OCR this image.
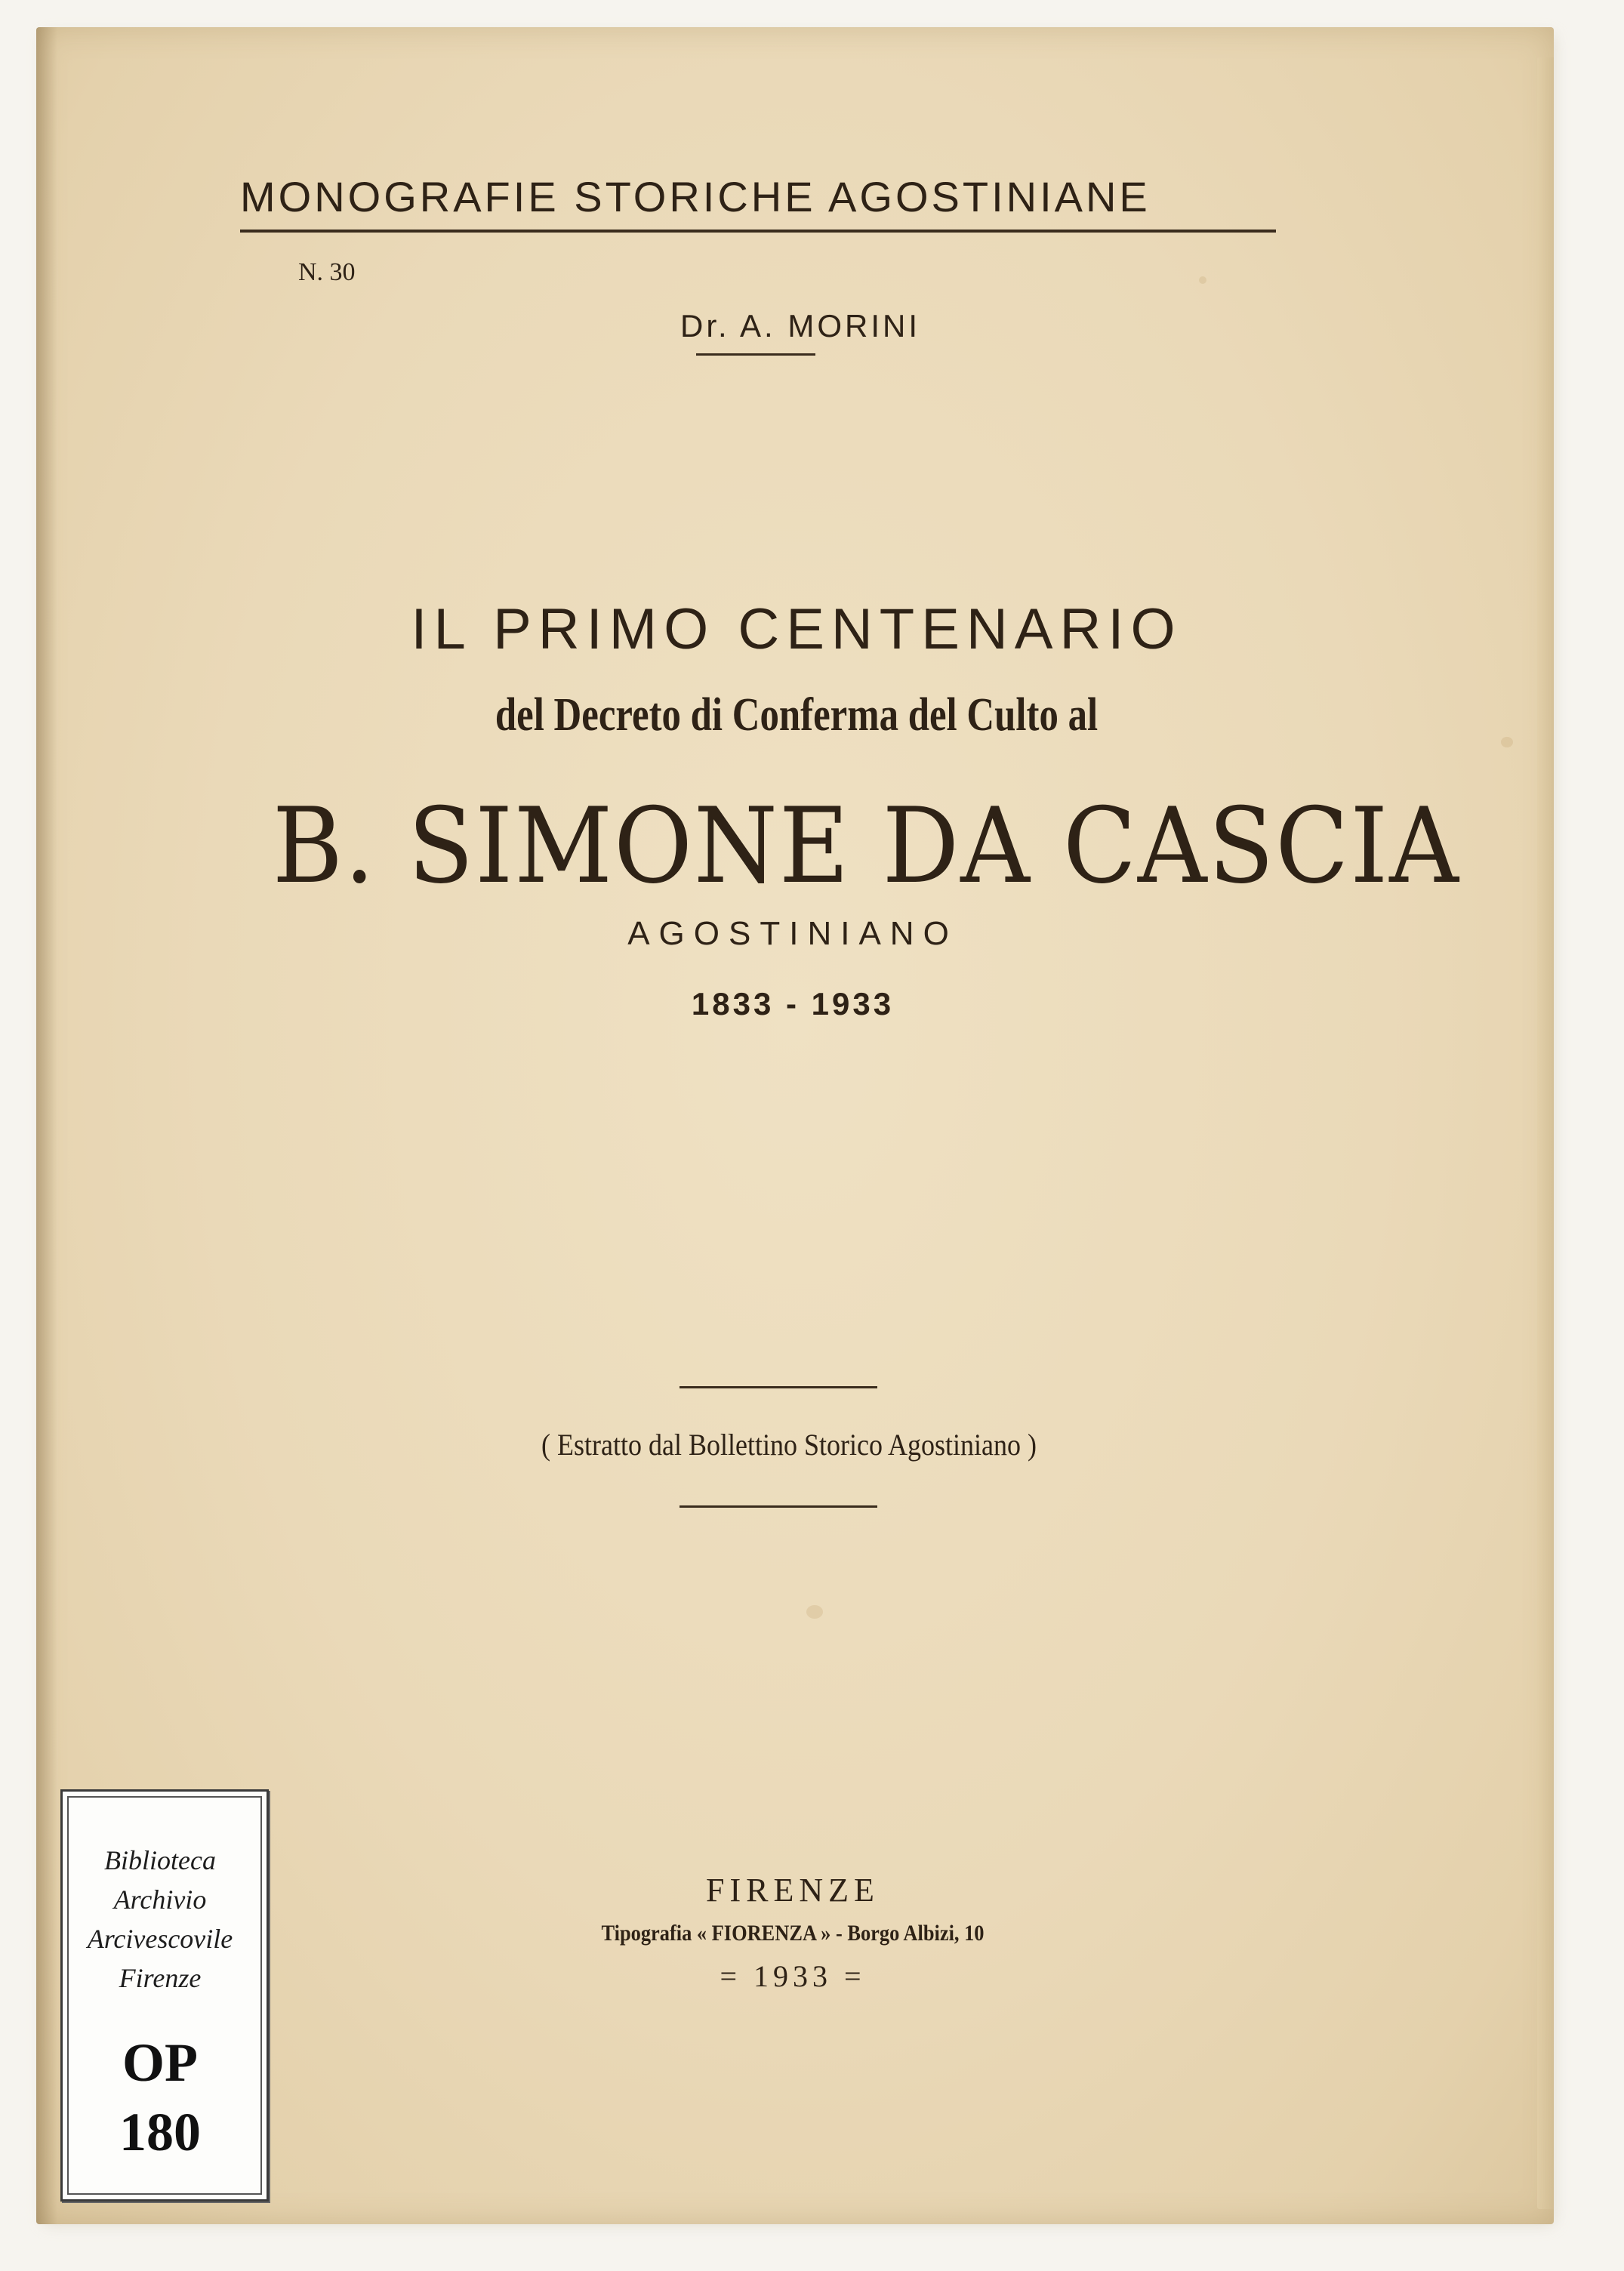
MONOGRAFIE STORICHE AGOSTINIANE

N. 30

Dr. A. MORINI

IL PRIMO CENTENARIO

del Decreto di Conferma del Culto al

B. SIMONE DA CASCIA

AGOSTINIANO

1833 - 1933

( Estratto dal Bollettino Storico Agostiniano )

FIRENZE

Tipografia « FIORENZA » - Borgo Albizi, 10

= 1933 =

Biblioteca
Archivio
Arcivescovile
Firenze
OP
180
